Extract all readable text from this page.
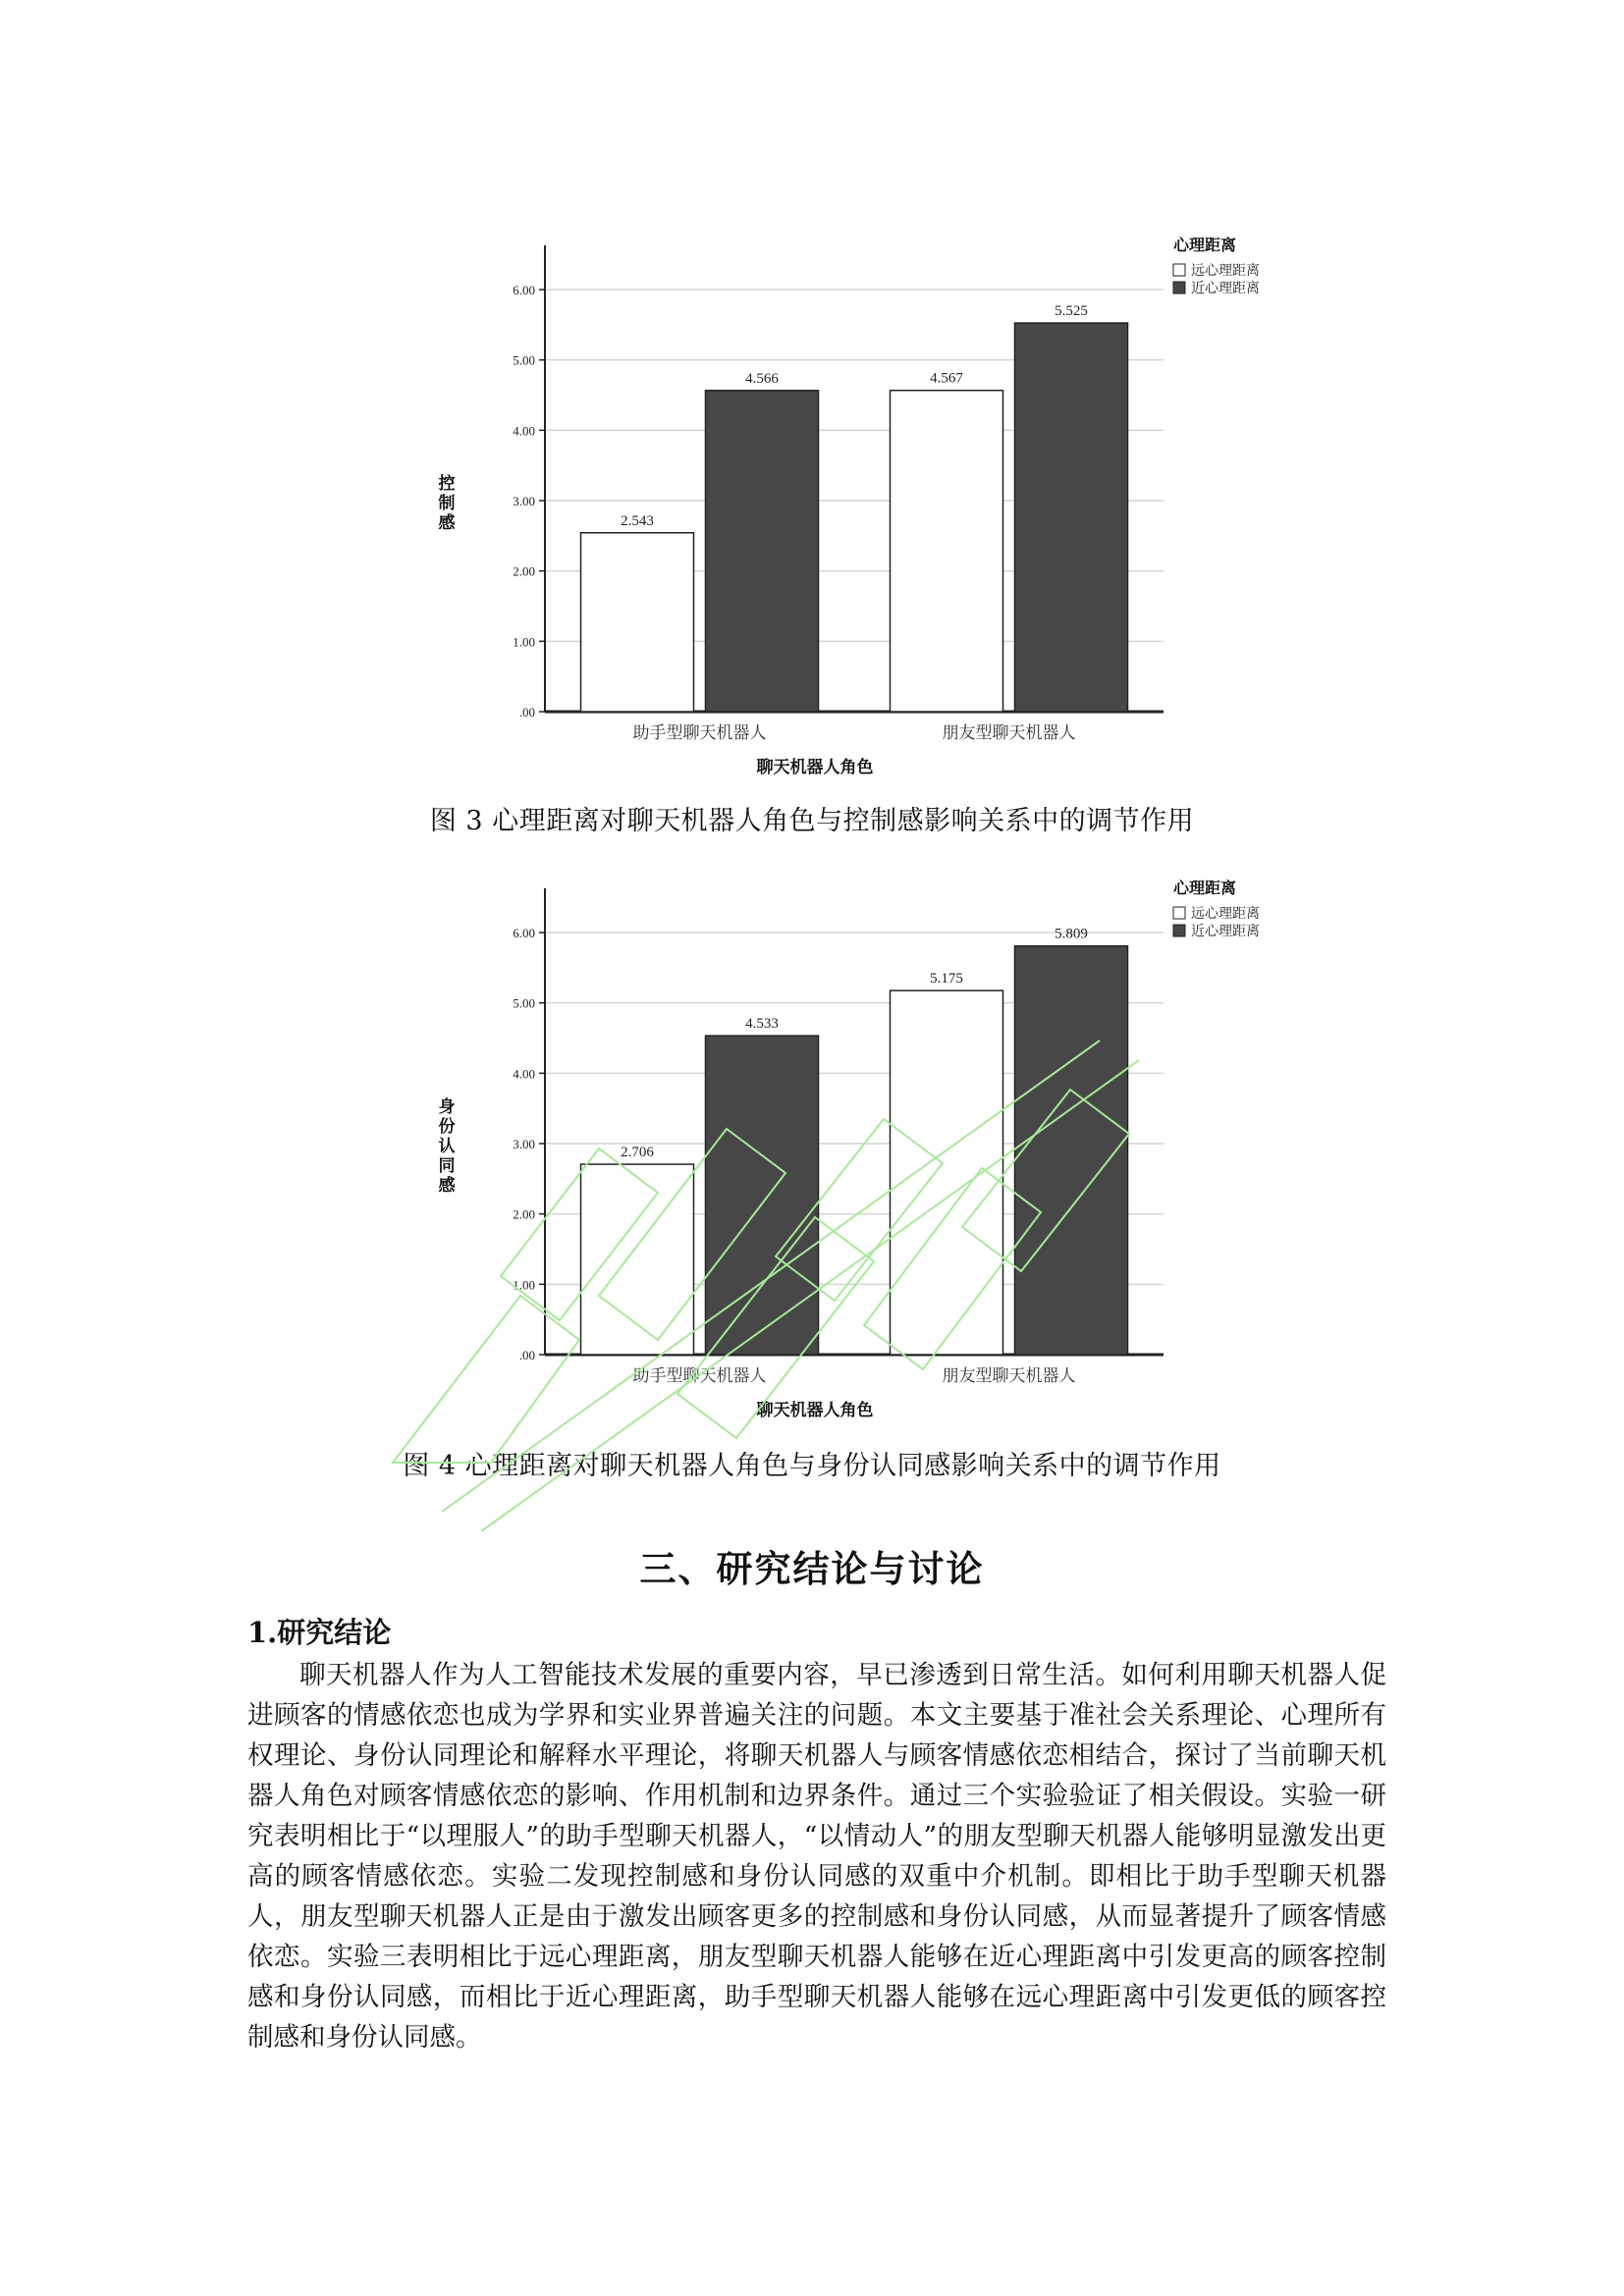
.00
1.00
2.00
3.00
4.00
5.00
6.00
2.543
4.566
助手型聊天机器人
4.567
5.525
朋友型聊天机器人
聊天机器人角色
控
制
感
心理距离
远心理距离
近心理距离
图 3 心理距离对聊天机器人角色与控制感影响关系中的调节作用
.00
1.00
2.00
3.00
4.00
5.00
6.00
2.706
4.533
助手型聊天机器人
5.175
5.809
朋友型聊天机器人
聊天机器人角色
身
份
认
同
感
心理距离
远心理距离
近心理距离
图 4 心理距离对聊天机器人角色与身份认同感影响关系中的调节作用
三、研究结论与讨论
1.研究结论

聊天机器人作为人工智能技术发展的重要内容，早已渗透到日常生活。如何利用聊天机器人促进顾客的情感依恋也成为学界和实业界普遍关注的问题。本文主要基于准社会关系理论、心理所有权理论、身份认同理论和解释水平理论，将聊天机器人与顾客情感依恋相结合，探讨了当前聊天机器人角色对顾客情感依恋的影响、作用机制和边界条件。通过三个实验验证了相关假设。实验一研究表明相比于“以理服人”的助手型聊天机器人，“以情动人”的朋友型聊天机器人能够明显激发出更高的顾客情感依恋。实验二发现控制感和身份认同感的双重中介机制。即相比于助手型聊天机器人，朋友型聊天机器人正是由于激发出顾客更多的控制感和身份认同感，从而显著提升了顾客情感依恋。实验三表明相比于远心理距离，朋友型聊天机器人能够在近心理距离中引发更高的顾客控制感和身份认同感，而相比于近心理距离，助手型聊天机器人能够在远心理距离中引发更低的顾客控制感和身份认同感。
